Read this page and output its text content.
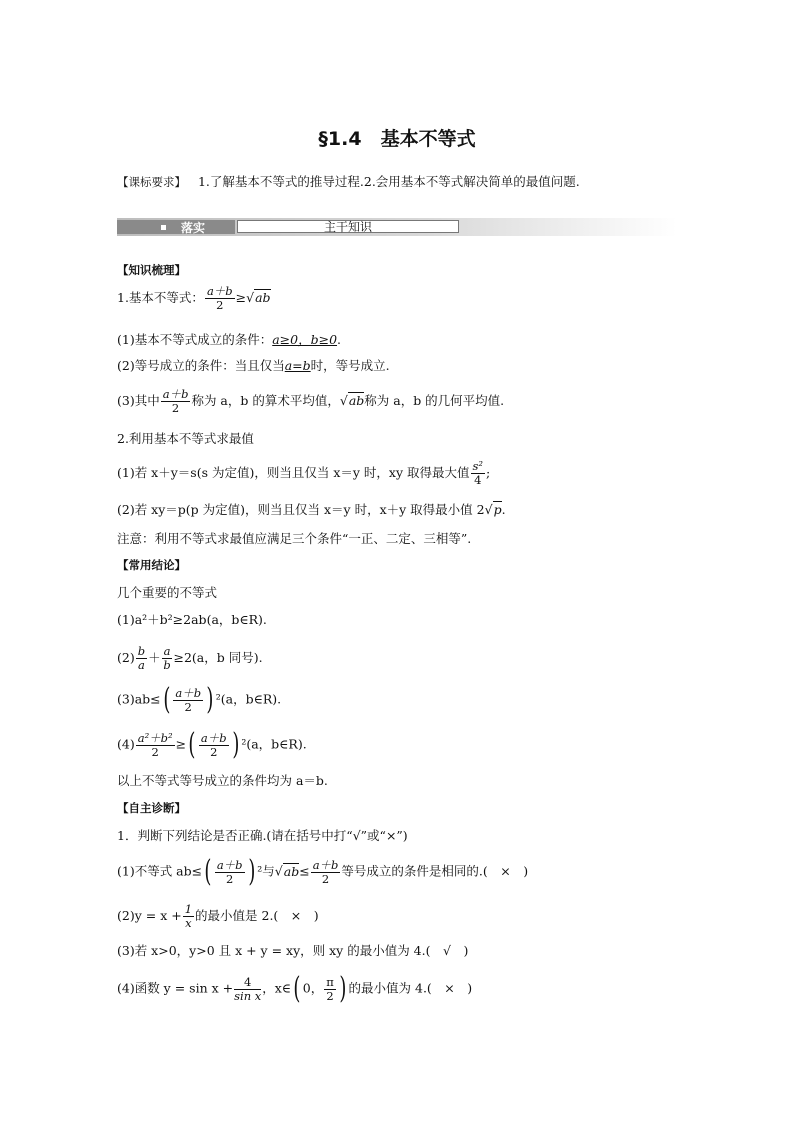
§1.4　基本不等式
【课标要求】 1.了解基本不等式的推导过程.2.会用基本不等式解决简单的最值问题.
落实	主干知识
【知识梳理】
1.基本不等式： $\frac{a+b}{2} \ge√ab$
(1)基本不等式成立的条件：a≥0，b≥0.
(2)等号成立的条件：当且仅当a=b时，等号成立.
(3)其中 $\frac{a+b}{2}$ 称为 a，b 的算术平均值，√ab称为 a，b 的几何平均值.
2.利用基本不等式求最值
(1)若 x＋y＝s(s 为定值)，则当且仅当 x＝y 时，xy 取得最大值 $\frac{\text{s²}}{4}$ ;
(2)若 xy＝p(p 为定值)，则当且仅当 x＝y 时，x＋y 取得最小值 2√p.
注意：利用不等式求最值应满足三个条件“一正、二定、三相等”.
【常用结论】
几个重要的不等式
(1)a²＋b²≥2ab(a，b∈R).
$(2) \frac{b}{a} + \frac{a}{b} \ge 2(a$，b 同号).
$(3)ab\le( \frac{a+b}{2}$ ) ²(a，b∈R).
$(4) \frac{\text{a²＋b²}}{2}$ ≥( $\frac{a+b}{2}$ ) ²(a，b∈R).
以上不等式等号成立的条件均为 a＝b.
【自主诊断】
1．判断下列结论是否正确.(请在括号中打“√”或“×”)
(1)不等式 $ab\le( \frac{a+b}{2}$ ) ²与$√ab\le \frac{a+b}{2}$ 等号成立的条件是相同的.(　×　)
$(2)y = x + \frac{1}{x}$ 的最小值是 2.(　×　)
(3)若 x>0，y>0 且 x + y = xy，则 xy 的最小值为 4.(　√　)
(4)函数 $y = \sin x + \frac{4}{\text{sin x}}$ ，x∈( 0， $\frac{\pi}{2}$ ) 的最小值为 4.(　×　)
